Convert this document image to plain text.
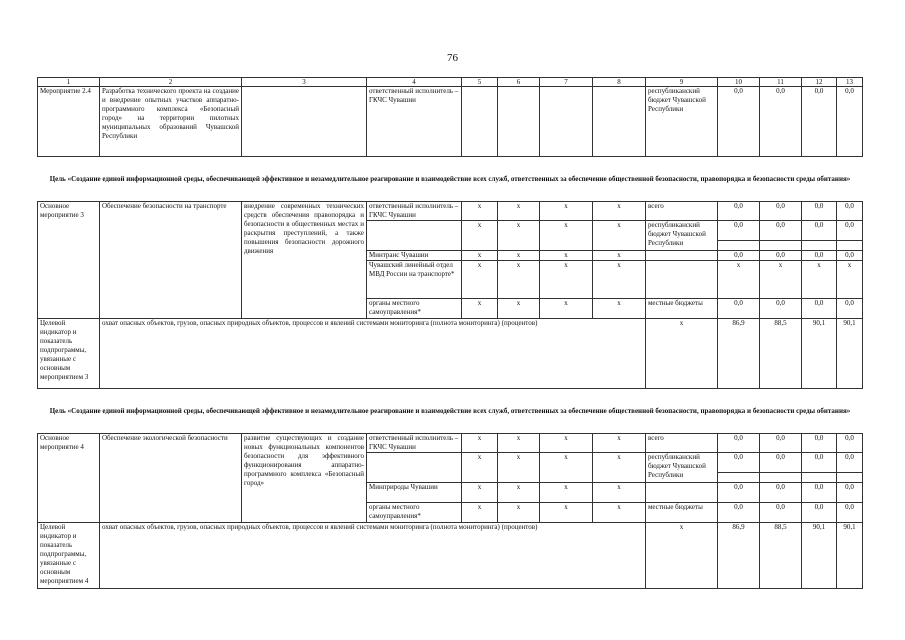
76
1	2	3	4	5	6	7	8	9	10	11	12	13
Мероприятие 2.4	Разработка технического проекта на создание и внедрение опытных участков аппаратно-программного комплекса «Безопасный город» на территории пилотных муниципальных образований Чувашской Республики		ответственный исполнитель – ГКЧС Чувашии					республиканский бюджет Чувашской Республики	0,0	0,0	0,0	0,0
Цель «Создание единой информационной среды, обеспечивающей эффективное и незамедлительное реагирование и взаимодействие всех служб, ответственных за обеспечение общественной безопасности, правопорядка и безопасности среды обитания»												
Основное мероприятие 3	Обеспечение безопасности на транспорте	внедрение современных технических средств обеспечения правопорядка и безопасности в общественных местах и раскрытия преступлений, а также повышения безопасности дорожного движения	ответственный исполнитель – ГКЧС Чувашии	x	x	x	x	всего	0,0	0,0	0,0	0,0
				x	x	x	x	республиканский бюджет Чувашской Республики	0,0	0,0	0,0	0,0

			Минтранс Чувашии	x	x	x	x		0,0	0,0	0,0	0,0
			Чувашский линейный отдел МВД России на транспорте*	x	x	x	x		x	x	x	x
			органы местного самоуправления*	x	x	x	x	местные бюджеты	0,0	0,0	0,0	0,0
Целевой индикатор и показатель подпрограммы, увязанные с основным мероприятием 3	охват опасных объектов, грузов, опасных природных объектов, процессов и явлений системами мониторинга (полнота мониторинга) (процентов)							x	86,9	88,5	90,1	90,1
Цель «Создание единой информационной среды, обеспечивающей эффективное и незамедлительное реагирование и взаимодействие всех служб, ответственных за обеспечение общественной безопасности, правопорядка и безопасности среды обитания»												
Основное мероприятие 4	Обеспечение экологической безопасности	развитие существующих и создание новых функциональных компонентов безопасности для эффективного функционирования аппаратно-программного комплекса «Безопасный город»	ответственный исполнитель – ГКЧС Чувашии	x	x	x	x	всего	0,0	0,0	0,0	0,0
				x	x	x	x	республиканский бюджет Чувашской Республики	0,0	0,0	0,0	0,0

			Минприроды Чувашии	x	x	x	x		0,0	0,0	0,0	0,0
			органы местного самоуправления*	x	x	x	x	местные бюджеты	0,0	0,0	0,0	0,0
Целевой индикатор и показатель подпрограммы, увязанные с основным мероприятием 4	охват опасных объектов, грузов, опасных природных объектов, процессов и явлений системами мониторинга (полнота мониторинга) (процентов)							x	86,9	88,5	90,1	90,1
